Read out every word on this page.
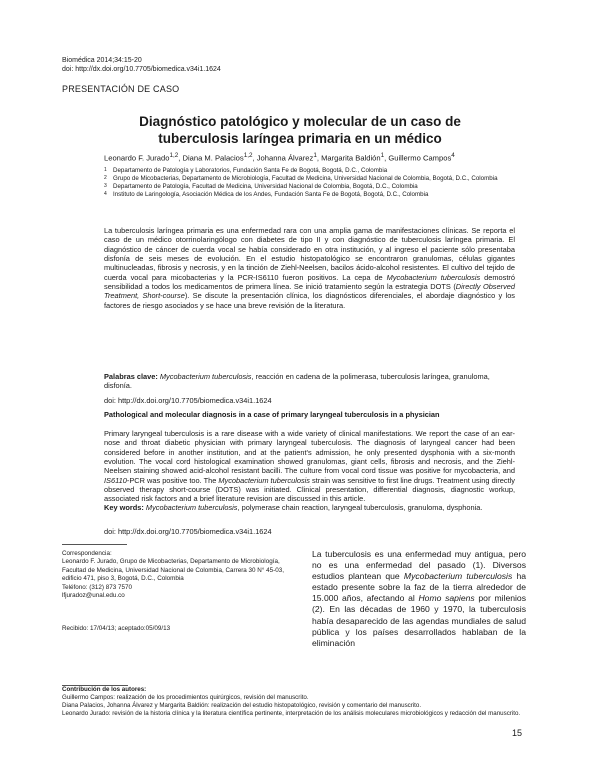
Biomédica 2014;34:15-20
doi: http://dx.doi.org/10.7705/biomedica.v34i1.1624
PRESENTACIÓN DE CASO
Diagnóstico patológico y molecular de un caso de
tuberculosis laríngea primaria en un médico
Leonardo F. Jurado$^{1,2}$, Diana M. Palacios$^{1,2}$, Johanna Álvarez$^1$, Margarita Baldión$^1$, Guillermo Campos$^4$
1 Departamento de Patología y Laboratorios, Fundación Santa Fe de Bogotá, Bogotá, D.C., Colombia
2 Grupo de Micobacterias, Departamento de Microbiología, Facultad de Medicina, Universidad Nacional de Colombia, Bogotá, D.C., Colombia
3 Departamento de Patología, Facultad de Medicina, Universidad Nacional de Colombia, Bogotá, D.C., Colombia
4 Instituto de Laringología, Asociación Médica de los Andes, Fundación Santa Fe de Bogotá, Bogotá, D.C., Colombia
La tuberculosis laríngea primaria es una enfermedad rara con una amplia gama de manifestaciones clínicas. Se reporta el caso de un médico otorrinolaringólogo con diabetes de tipo II y con diagnóstico de tuberculosis laríngea primaria. El diagnóstico de cáncer de cuerda vocal se había considerado en otra institución, y al ingreso el paciente sólo presentaba disfonía de seis meses de evolución. En el estudio histopatológico se encontraron granulomas, células gigantes multinucleadas, fibrosis y necrosis, y en la tinción de Ziehl-Neelsen, bacilos ácido-alcohol resistentes. El cultivo del tejido de cuerda vocal para micobacterias y la PCR-IS6110 fueron positivos. La cepa de Mycobacterium tuberculosis demostró sensibilidad a todos los medicamentos de primera línea. Se inició tratamiento según la estrategia DOTS (Directly Observed Treatment, Short-course). Se discute la presentación clínica, los diagnósticos diferenciales, el abordaje diagnóstico y los factores de riesgo asociados y se hace una breve revisión de la literatura.
Palabras clave: Mycobacterium tuberculosis, reacción en cadena de la polimerasa, tuberculosis laríngea, granuloma, disfonía.
doi: http://dx.doi.org/10.7705/biomedica.v34i1.1624
Pathological and molecular diagnosis in a case of primary laryngeal tuberculosis in a physician
Primary laryngeal tuberculosis is a rare disease with a wide variety of clinical manifestations. We report the case of an ear-nose and throat diabetic physician with primary laryngeal tuberculosis. The diagnosis of laryngeal cancer had been considered before in another institution, and at the patient's admission, he only presented dysphonia with a six-month evolution. The vocal cord histological examination showed granulomas, giant cells, fibrosis and necrosis, and the Ziehl-Neelsen staining showed acid-alcohol resistant bacilli. The culture from vocal cord tissue was positive for mycobacteria, and IS6110-PCR was positive too. The Mycobacterium tuberculosis strain was sensitive to first line drugs. Treatment using directly observed therapy short-course (DOTS) was initiated. Clinical presentation, differential diagnosis, diagnostic workup, associated risk factors and a brief literature revision are discussed in this article.
Key words: Mycobacterium tuberculosis, polymerase chain reaction, laryngeal tuberculosis, granuloma, dysphonia.
doi: http://dx.doi.org/10.7705/biomedica.v34i1.1624
Correspondencia:
Leonardo F. Jurado, Grupo de Micobacterias, Departamento de Microbiología, Facultad de Medicina, Universidad Nacional de Colombia, Carrera 30 N° 45-03, edificio 471, piso 3, Bogotá, D.C., Colombia
Teléfono: (312) 873 7570
lfjuradoz@unal.edu.co
Recibido: 17/04/13; aceptado:05/09/13
La tuberculosis es una enfermedad muy antigua, pero no es una enfermedad del pasado (1). Diversos estudios plantean que Mycobacterium tuberculosis ha estado presente sobre la faz de la tierra alrededor de 15.000 años, afectando al Homo sapiens por milenios (2). En las décadas de 1960 y 1970, la tuberculosis había desaparecido de las agendas mundiales de salud pública y los países desarrollados hablaban de la eliminación
Contribución de los autores:
Guillermo Campos: realización de los procedimientos quirúrgicos, revisión del manuscrito.
Diana Palacios, Johanna Álvarez y Margarita Baldión: realización del estudio histopatológico, revisión y comentario del manuscrito.
Leonardo Jurado: revisión de la historia clínica y la literatura científica pertinente, interpretación de los análisis moleculares microbiológicos y redacción del manuscrito.
15
